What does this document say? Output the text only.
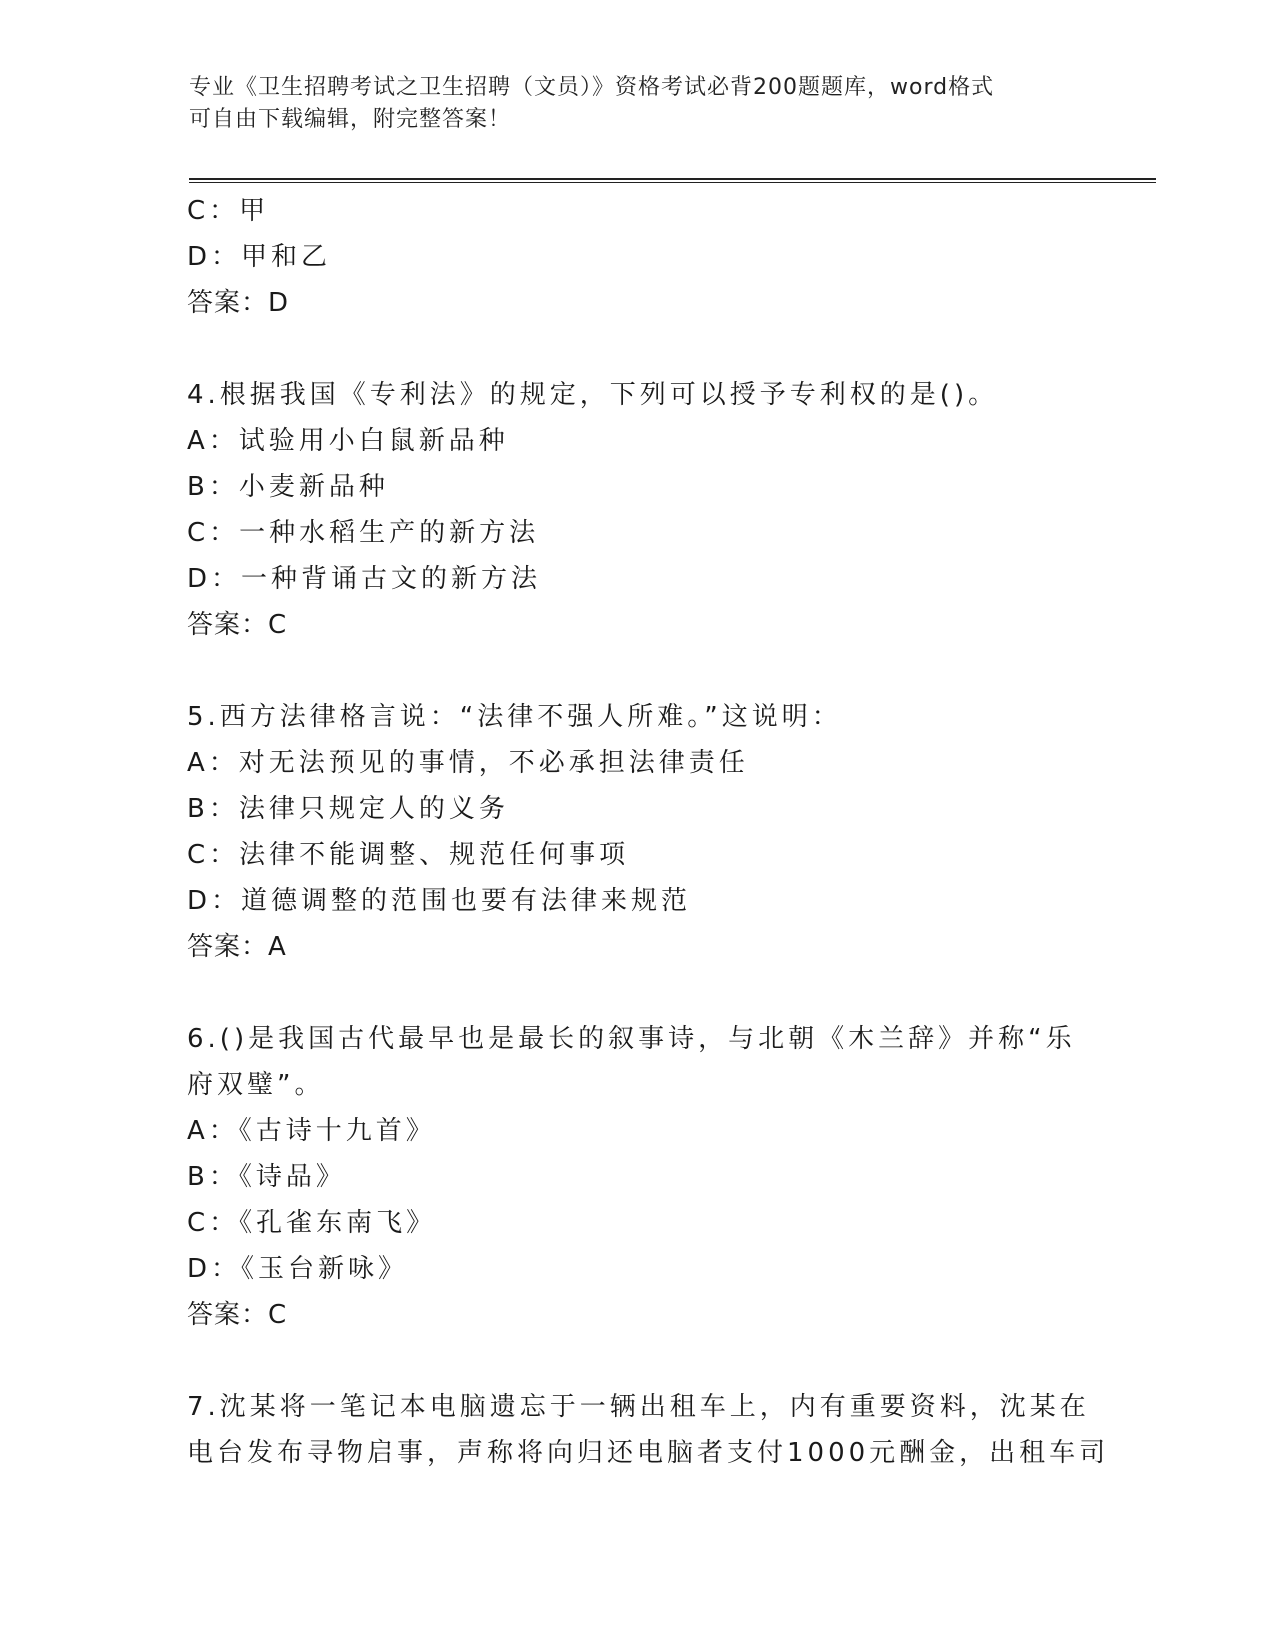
专业《卫生招聘考试之卫生招聘（文员）》资格考试必背200题题库，word格式
可自由下载编辑，附完整答案！
C：甲
D：甲和乙
答案：D
4.根据我国《专利法》的规定，下列可以授予专利权的是()。
A：试验用小白鼠新品种
B：小麦新品种
C：一种水稻生产的新方法
D：一种背诵古文的新方法
答案：C
5.西方法律格言说：“法律不强人所难。”这说明：
A：对无法预见的事情，不必承担法律责任
B：法律只规定人的义务
C：法律不能调整、规范任何事项
D：道德调整的范围也要有法律来规范
答案：A
6.()是我国古代最早也是最长的叙事诗，与北朝《木兰辞》并称“乐
府双璧”。
A：《古诗十九首》
B：《诗品》
C：《孔雀东南飞》
D：《玉台新咏》
答案：C
7.沈某将一笔记本电脑遗忘于一辆出租车上，内有重要资料，沈某在
电台发布寻物启事，声称将向归还电脑者支付1000元酬金，出租车司
